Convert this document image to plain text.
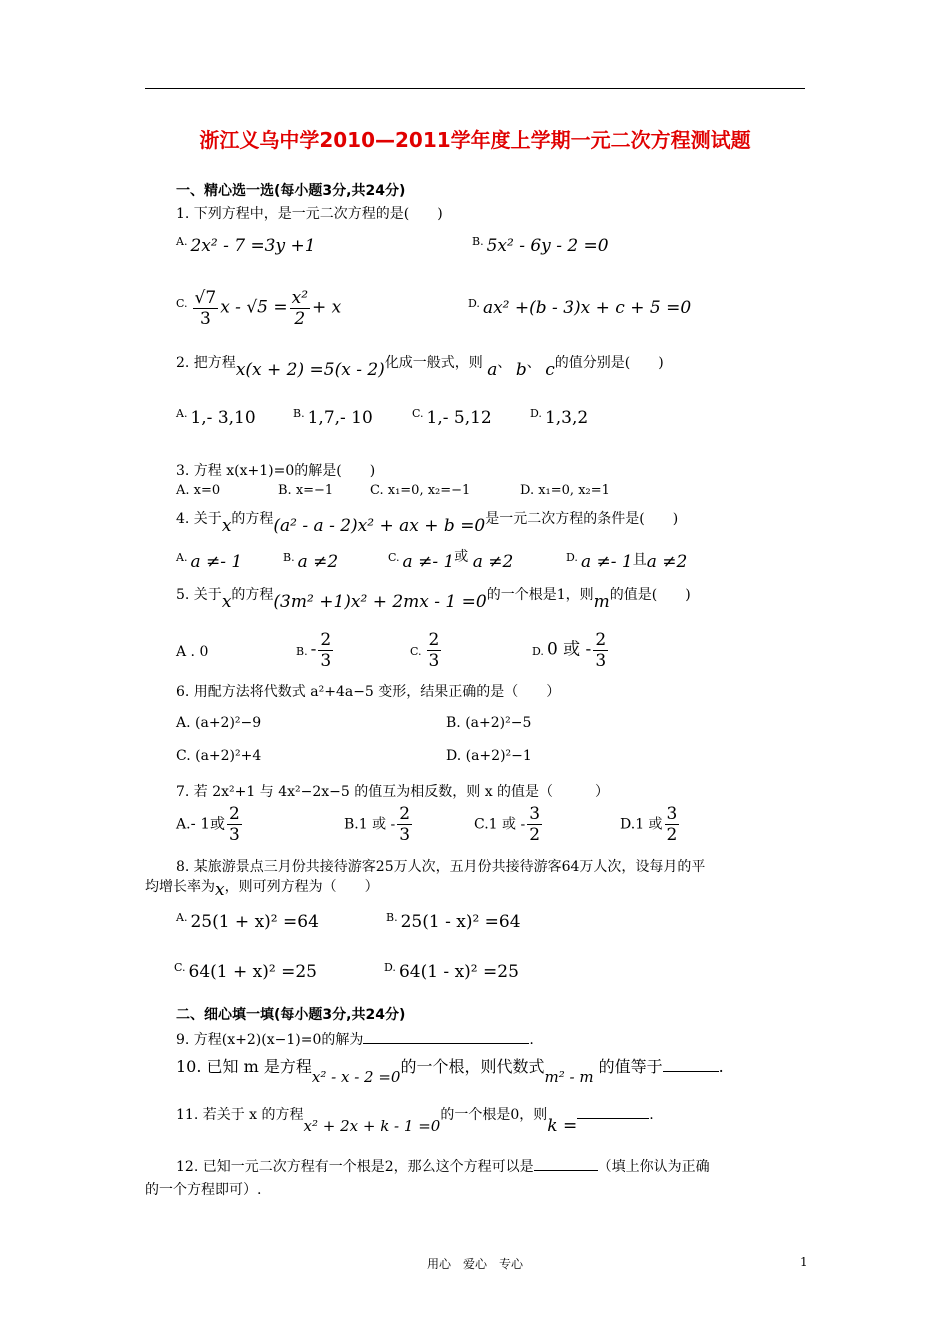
浙江义乌中学2010—2011学年度上学期一元二次方程测试题
一、精心选一选(每小题3分,共24分)
1. 下列方程中，是一元二次方程的是(　　)
$^{A.}$ 2x² - 7 =3y +1	$^{B.}$ 5x² - 6y - 2 =0
$^{C.} \frac{√7}{3}$ $x - √5 = \frac{\text{x²}}{2} + x$	$^{D.}$ ax² +(b - 3)x + c + 5 =0
2. 把方程x(x + 2) =5(x - 2)化成一般式，则 a、 b、 c的值分别是(　　)
$^{A.}$ 1,- 3,10	$^{B.}$ 1,7,- 10	$^{C.}$ 1,- 5,12	$^{D.}$ 1,3,2
3. 方程 x(x+1)=0的解是(　　)
A. x=0	B. x=−1	C. x₁=0, x₂=−1	D. x₁=0, x₂=1
4. 关于x的方程(a² - a - 2)x² + ax + b =0是一元二次方程的条件是(　　)
$^{A.}$ a ≠- 1	$^{B.}$ a ≠2	$^{C.}$ a ≠- 1或 a ≠2	$^{D.}$ a ≠- 1且a ≠2
5. 关于x的方程(3m² +1)x² + 2mx - 1 =0的一个根是1，则m的值是(　　)
A . 0	B. - $\frac{2}{3}$	C. $\frac{2}{3}$	D. 0 或 - $\frac{2}{3}$
6. 用配方法将代数式 a²+4a−5 变形，结果正确的是（　　）
A. (a+2)²−9	B. (a+2)²−5
C. (a+2)²+4	D. (a+2)²−1
7. 若 2x²+1 与 4x²−2x−5 的值互为相反数，则 x 的值是（　　　）
A.- 1或 $\frac{2}{3}$	B.1 或 - $\frac{2}{3}$	C.1 或 - $\frac{3}{2}$	D.1 或 $\frac{3}{2}$
8. 某旅游景点三月份共接待游客25万人次，五月份共接待游客64万人次，设每月的平
均增长率为x，则可列方程为（　　）
$^{A.}$ 25(1 + x)² =64	$^{B.}$ 25(1 - x)² =64
$^{C.}$ 64(1 + x)² =25	$^{D.}$ 64(1 - x)² =25
二、细心填一填(每小题3分,共24分)
9. 方程(x+2)(x−1)=0的解为	.
10. 已知 m 是方程x² - x - 2 =0的一个根，则代数式m² - m 的值等于	.
11. 若关于 x 的方程x² + 2x + k - 1 =0的一个根是0，则k =.
12. 已知一元二次方程有一个根是2，那么这个方程可以是	（填上你认为正确
的一个方程即可）.
用心　爱心　专心	1
